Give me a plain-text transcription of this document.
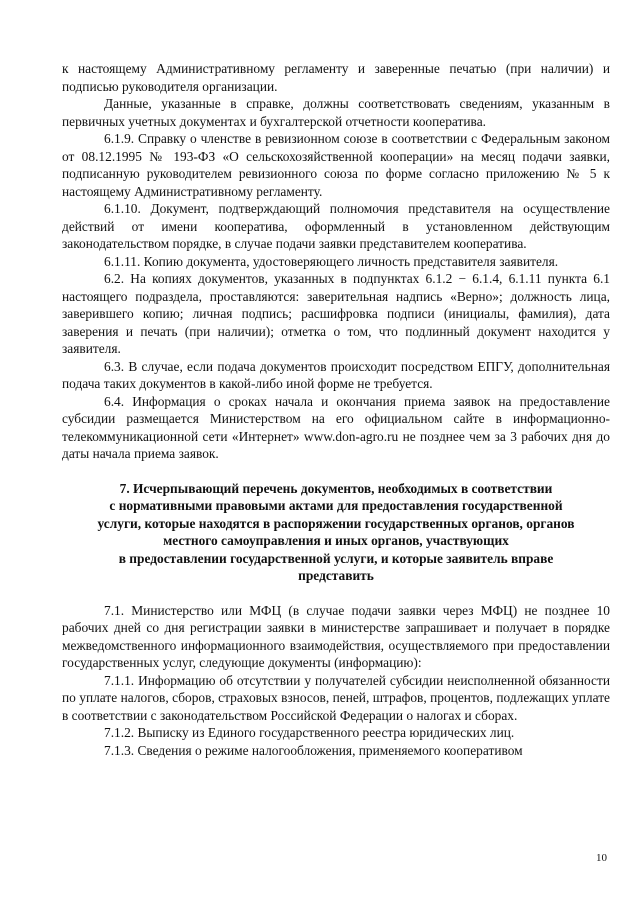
к настоящему Административному регламенту и заверенные печатью (при наличии) и подписью руководителя организации.

Данные, указанные в справке, должны соответствовать сведениям, указанным в первичных учетных документах и бухгалтерской отчетности кооператива.

6.1.9. Справку о членстве в ревизионном союзе в соответствии с Федеральным законом от 08.12.1995 № 193-ФЗ «О сельскохозяйственной кооперации» на месяц подачи заявки, подписанную руководителем ревизионного союза по форме согласно приложению № 5 к настоящему Административному регламенту.

6.1.10. Документ, подтверждающий полномочия представителя на осуществление действий от имени кооператива, оформленный в установленном действующим законодательством порядке, в случае подачи заявки представителем кооператива.

6.1.11. Копию документа, удостоверяющего личность представителя заявителя.

6.2. На копиях документов, указанных в подпунктах 6.1.2 − 6.1.4, 6.1.11 пункта 6.1 настоящего подраздела, проставляются: заверительная надпись «Верно»; должность лица, заверившего копию; личная подпись; расшифровка подписи (инициалы, фамилия), дата заверения и печать (при наличии); отметка о том, что подлинный документ находится у заявителя.

6.3. В случае, если подача документов происходит посредством ЕПГУ, дополнительная подача таких документов в какой-либо иной форме не требуется.

6.4. Информация о сроках начала и окончания приема заявок на предоставление субсидии размещается Министерством на его официальном сайте в информационно-телекоммуникационной сети «Интернет» www.don-agro.ru не позднее чем за 3 рабочих дня до даты начала приема заявок.

7. Исчерпывающий перечень документов, необходимых в соответствии

с нормативными правовыми актами для предоставления государственной

услуги, которые находятся в распоряжении государственных органов, органов

местного самоуправления и иных органов, участвующих

в предоставлении государственной услуги, и которые заявитель вправе

представить

7.1. Министерство или МФЦ (в случае подачи заявки через МФЦ) не позднее 10 рабочих дней со дня регистрации заявки в министерстве запрашивает и получает в порядке межведомственного информационного взаимодействия, осуществляемого при предоставлении государственных услуг, следующие документы (информацию):

7.1.1. Информацию об отсутствии у получателей субсидии неисполненной обязанности по уплате налогов, сборов, страховых взносов, пеней, штрафов, процентов, подлежащих уплате в соответствии с законодательством Российской Федерации о налогах и сборах.

7.1.2. Выписку из Единого государственного реестра юридических лиц.

7.1.3. Сведения о режиме налогообложения, применяемого кооперативом

10
